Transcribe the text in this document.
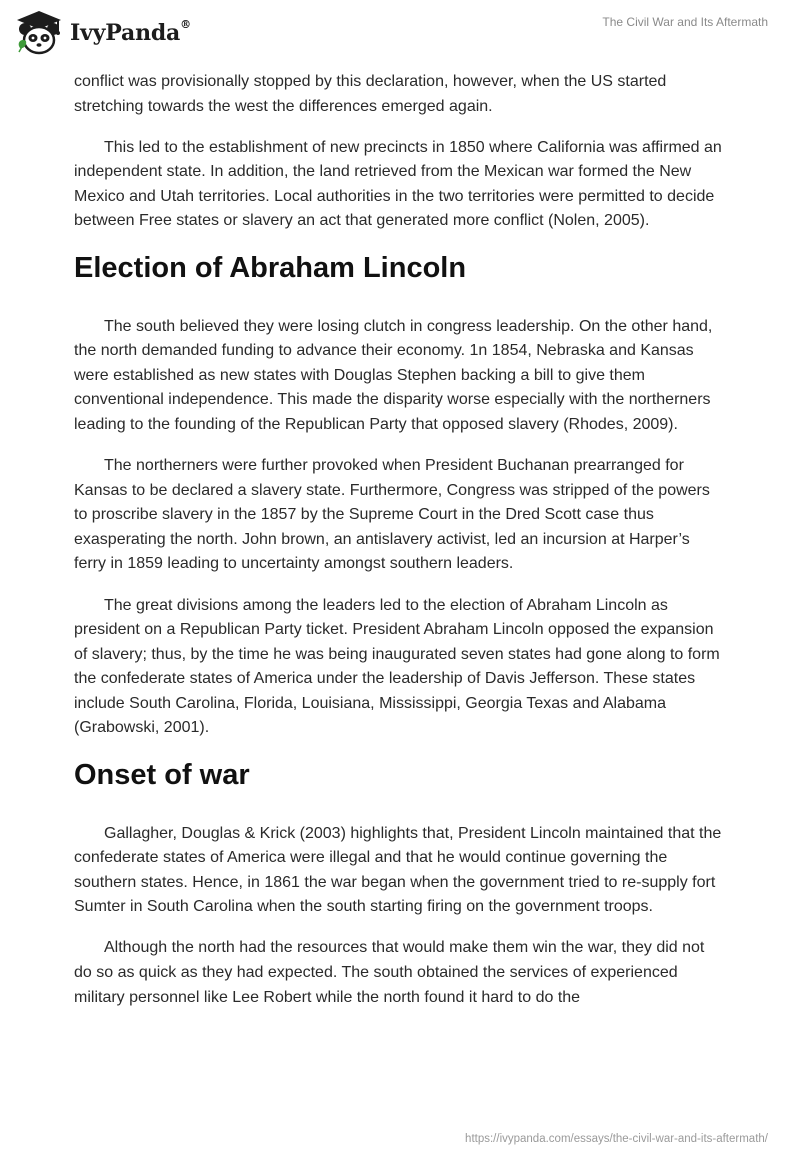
IvyPanda®	The Civil War and Its Aftermath

conflict was provisionally stopped by this declaration, however, when the US started stretching towards the west the differences emerged again.

This led to the establishment of new precincts in 1850 where California was affirmed an independent state. In addition, the land retrieved from the Mexican war formed the New Mexico and Utah territories. Local authorities in the two territories were permitted to decide between Free states or slavery an act that generated more conflict (Nolen, 2005).

Election of Abraham Lincoln

The south believed they were losing clutch in congress leadership. On the other hand, the north demanded funding to advance their economy. 1n 1854, Nebraska and Kansas were established as new states with Douglas Stephen backing a bill to give them conventional independence. This made the disparity worse especially with the northerners leading to the founding of the Republican Party that opposed slavery (Rhodes, 2009).

The northerners were further provoked when President Buchanan prearranged for Kansas to be declared a slavery state. Furthermore, Congress was stripped of the powers to proscribe slavery in the 1857 by the Supreme Court in the Dred Scott case thus exasperating the north. John brown, an antislavery activist, led an incursion at Harper’s ferry in 1859 leading to uncertainty amongst southern leaders.

The great divisions among the leaders led to the election of Abraham Lincoln as president on a Republican Party ticket. President Abraham Lincoln opposed the expansion of slavery; thus, by the time he was being inaugurated seven states had gone along to form the confederate states of America under the leadership of Davis Jefferson. These states include South Carolina, Florida, Louisiana, Mississippi, Georgia Texas and Alabama (Grabowski, 2001).

Onset of war

Gallagher, Douglas & Krick (2003) highlights that, President Lincoln maintained that the confederate states of America were illegal and that he would continue governing the southern states. Hence, in 1861 the war began when the government tried to re-supply fort Sumter in South Carolina when the south starting firing on the government troops.

Although the north had the resources that would make them win the war, they did not do so as quick as they had expected. The south obtained the services of experienced military personnel like Lee Robert while the north found it hard to do the

https://ivypanda.com/essays/the-civil-war-and-its-aftermath/
